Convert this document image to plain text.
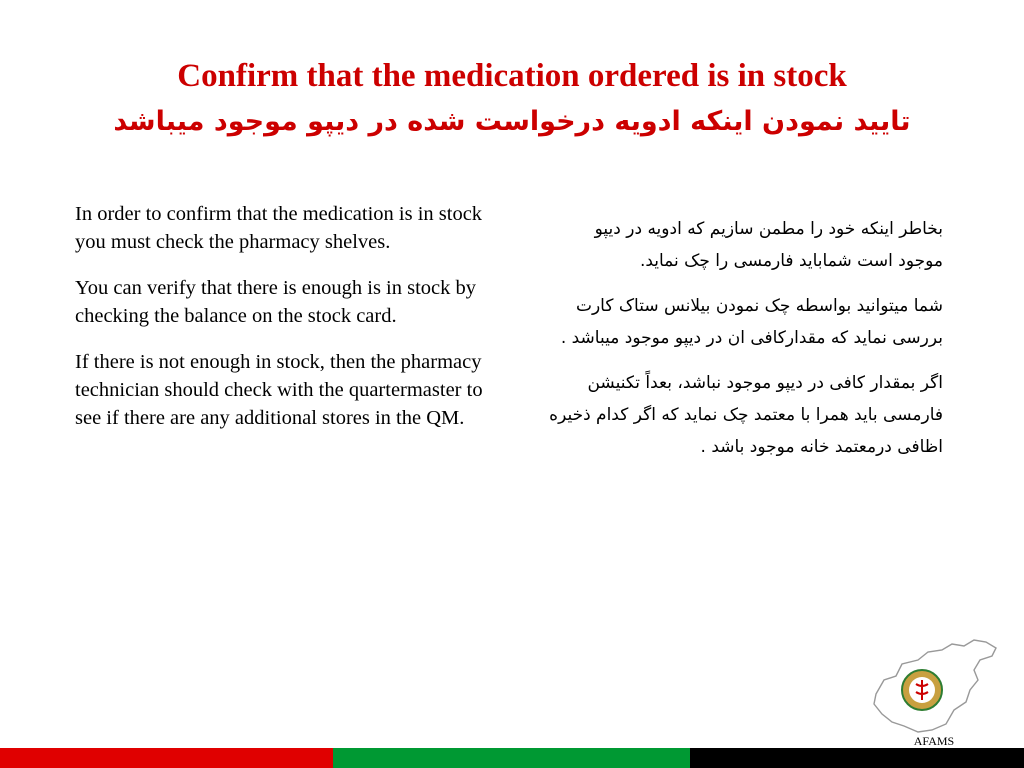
Confirm that the medication ordered is in stock
تایید نمودن اینکه ادویه درخواست شده در دیپو موجود میباشد

In order to confirm that the medication is in stock you must check the pharmacy shelves.

You can verify that there is enough is in stock by checking the balance on the stock card.

If there is not enough in stock, then the pharmacy technician should check with the quartermaster to see if there are any additional stores in the QM.

بخاطر اینکه خود را مطمن سازیم که ادویه در دیپو موجود است شمابايد فارمسی را چک نماید.

شما میتوانید بواسطه چک نمودن بیلانس ستاک کارت بررسی نماید که مقدارکافی ان در دیپو موجود میباشد .

اگر بمقدار کافی در دیپو موجود نباشد، بعداً تکنیشن فارمسی باید همرا با معتمد چک نماید که اگر کدام ذخیره اظافی درمعتمد خانه موجود باشد .

AFAMS
